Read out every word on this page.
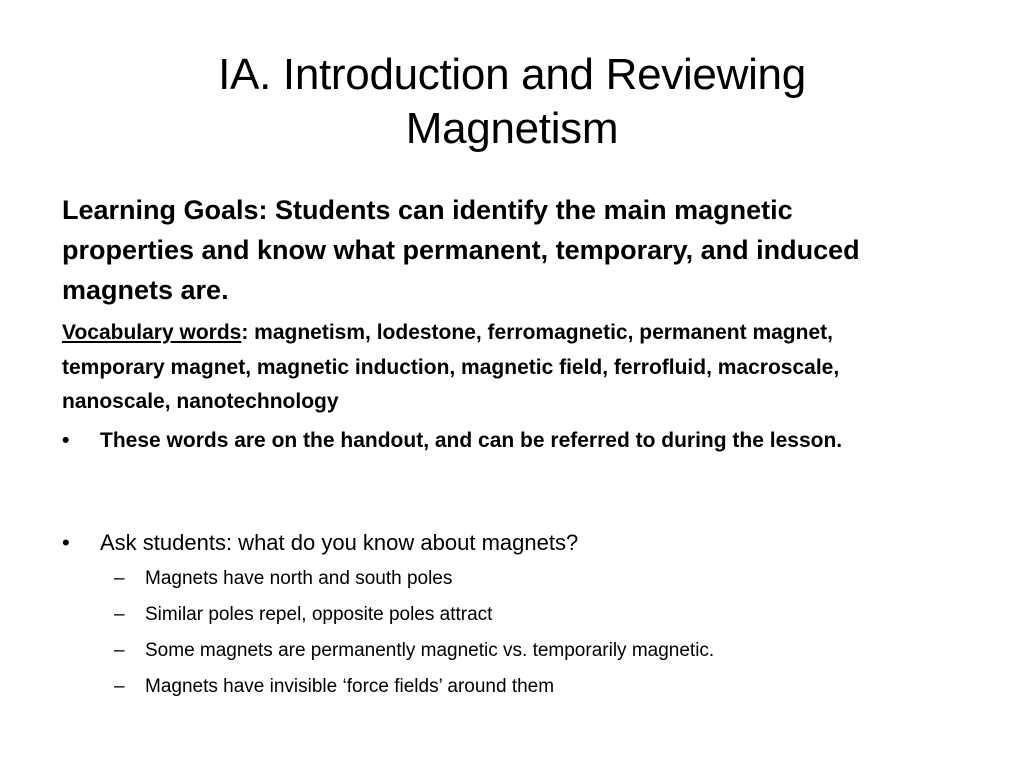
IA. Introduction and Reviewing
Magnetism
Learning Goals: Students can identify the main magnetic properties and know what permanent, temporary, and induced magnets are.
Vocabulary words: magnetism, lodestone, ferromagnetic, permanent magnet, temporary magnet, magnetic induction, magnetic field, ferrofluid, macroscale, nanoscale, nanotechnology
•	These words are on the handout, and can be referred to during the lesson.
•	Ask students: what do you know about magnets?
– Magnets have north and south poles
– Similar poles repel, opposite poles attract
– Some magnets are permanently magnetic vs. temporarily magnetic.
– Magnets have invisible ‘force fields’ around them
